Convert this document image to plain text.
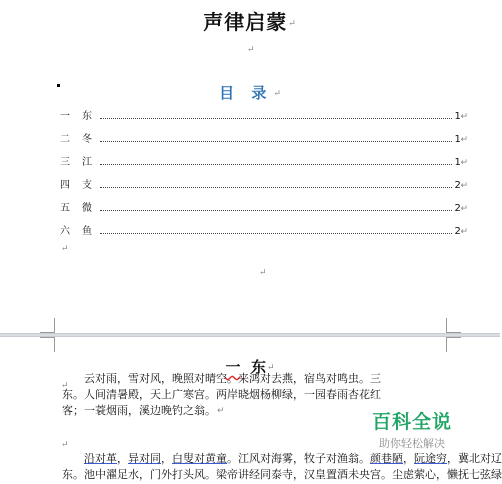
声律启蒙↵
↵
目 录↵
一	东	1 ↵
二	冬	1 ↵
三	江	1 ↵
四	支	2 ↵
五	微	2 ↵
六	鱼	2 ↵
↵
↵
一 东↵
↵
云对雨，雪对风，晚照对晴空。来鸿对去燕，宿鸟对鸣虫。三
东。人间清暑殿，天上广寒宫。两岸晓烟杨柳绿，一园春雨杏花红
客；一蓑烟雨，溪边晚钓之翁。↵
↵
沿对革，异对同，白叟对黄童。江风对海雾，牧子对渔翁。颜巷陋，阮途穷，冀北对辽
东。池中濯足水，门外打头风。梁帝讲经同泰寺，汉皇置酒未央宫。尘虑萦心，懒抚七弦绿
百科全说
助你轻松解决
